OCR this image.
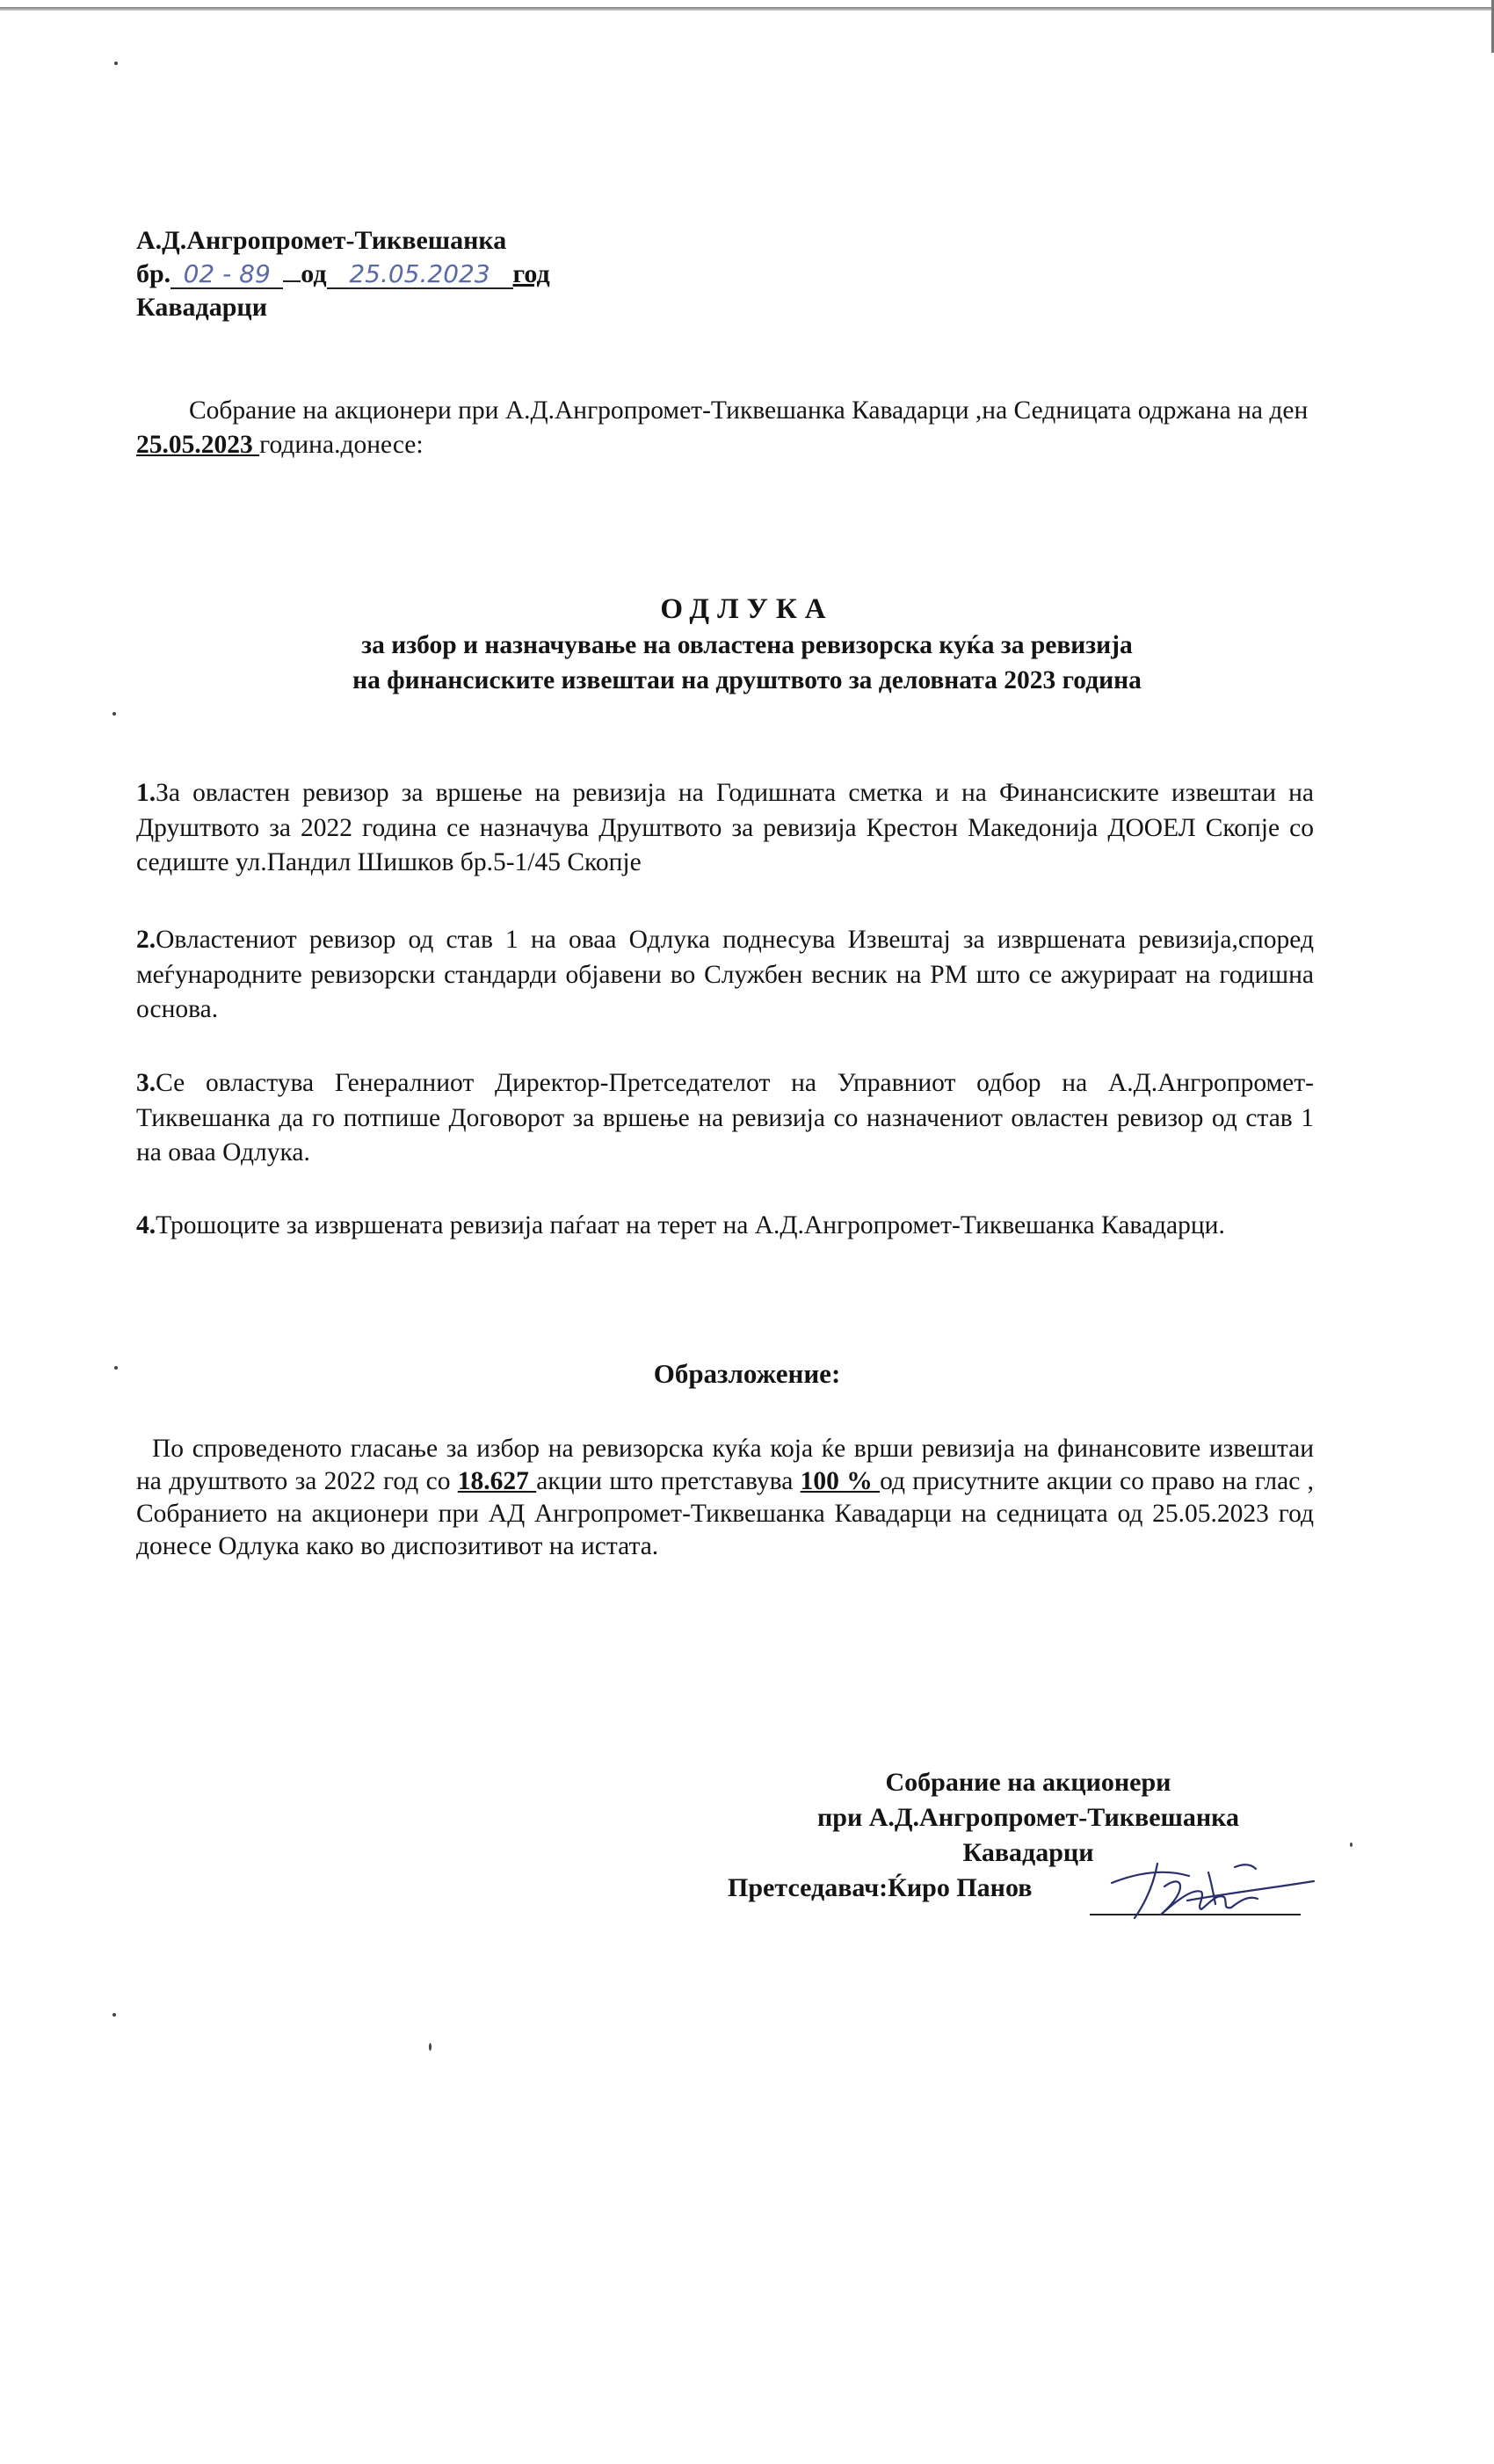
А.Д.Ангропромет-Тиквешанка
бр. 02 - 89 од 25.05.2023 год
Кавадарци
Собрание на акционери при А.Д.Ангропромет-Тиквешанка Кавадарци ,на Седницата одржана на ден 25.05.2023 година.донесе:
ОДЛУКА
за избор и назначување на овластена ревизорска куќа за ревизија
на финансиските извештаи на друштвото за деловната 2023 година
1.За овластен ревизор за вршење на ревизија на Годишната сметка и на Финансиските извештаи на Друштвото за 2022 година се назначува Друштвото за ревизија Крестон Македонија ДООЕЛ Скопје со седиште ул.Пандил Шишков бр.5-1/45 Скопје
2.Овластениот ревизор од став 1 на оваа Одлука поднесува Извештај за извршената ревизија,според меѓународните ревизорски стандарди објавени во Службен весник на РМ што се ажурираат на годишна основа.
3.Се овластува Генералниот Директор-Претседателот на Управниот одбор на А.Д.Ангропромет-Тиквешанка да го потпише Договорот за вршење на ревизија со назначениот овластен ревизор од став 1 на оваа Одлука.
4.Трошоците за извршената ревизија паѓаат на терет на А.Д.Ангропромет-Тиквешанка Кавадарци.
Образложение:
По спроведеното гласање за избор на ревизорска куќа која ќе врши ревизија на финансовите извештаи на друштвото за 2022 год со 18.627 акции што претставува 100 % од присутните акции со право на глас , Собранието на акционери при АД Ангропромет-Тиквешанка Кавадарци на седницата од 25.05.2023 год донесе Одлука како во диспозитивот на истата.
Собрание на акционери
при А.Д.Ангропромет-Тиквешанка
Кавадарци
Претседавач:Ќиро Панов
